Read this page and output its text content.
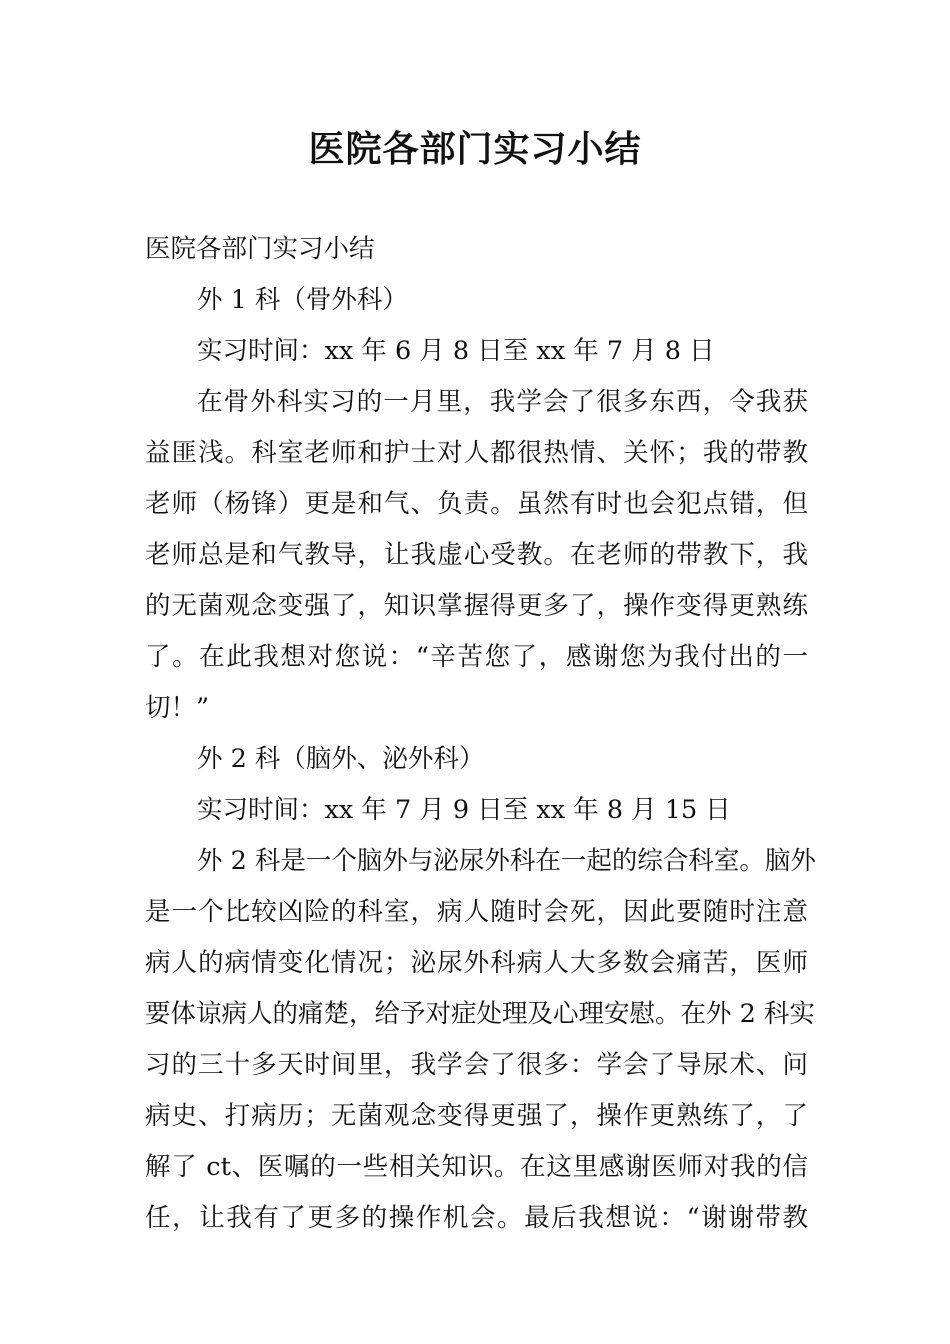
医院各部门实习小结
医院各部门实习小结
外 1 科（骨外科）
实习时间：xx 年 6 月 8 日至 xx 年 7 月 8 日
在骨外科实习的一月里，我学会了很多东西，令我获
益匪浅。科室老师和护士对人都很热情、关怀；我的带教
老师（杨锋）更是和气、负责。虽然有时也会犯点错，但
老师总是和气教导，让我虚心受教。在老师的带教下，我
的无菌观念变强了，知识掌握得更多了，操作变得更熟练
了。在此我想对您说：“辛苦您了，感谢您为我付出的一
切！”
外 2 科（脑外、泌外科）
实习时间：xx 年 7 月 9 日至 xx 年 8 月 15 日
外 2 科是一个脑外与泌尿外科在一起的综合科室。脑外
是一个比较凶险的科室，病人随时会死，因此要随时注意
病人的病情变化情况；泌尿外科病人大多数会痛苦，医师
要体谅病人的痛楚，给予对症处理及心理安慰。在外 2 科实
习的三十多天时间里，我学会了很多：学会了导尿术、问
病史、打病历；无菌观念变得更强了，操作更熟练了，了
解了 ct、医嘱的一些相关知识。在这里感谢医师对我的信
任，让我有了更多的操作机会。最后我想说：“谢谢带教
